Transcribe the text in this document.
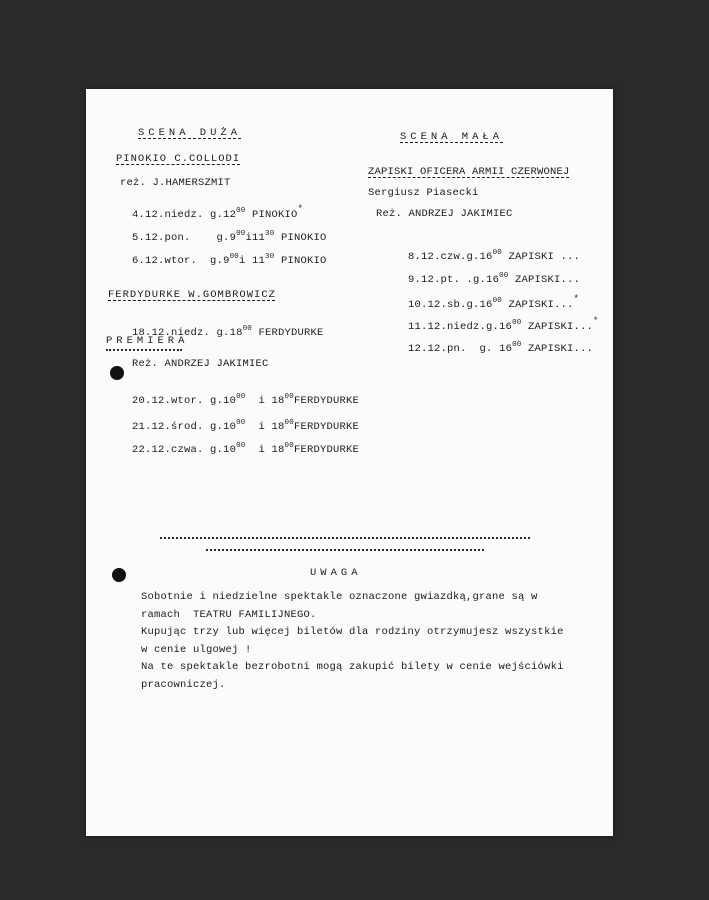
SCENA DUŻA
PINOKIO C.COLLODI
reż. J.HAMERSZMIT

4.12.niedz. $g.12^{00}$ PINOKIO*

5.12.pon. $g.9^{00}i11^{30}$ PINOKIO

6.12.wtor. $g.9^{00}i$ $11^{30}$ PINOKIO

FERDYDURKE W.GOMBROWICZ

18.12.niedz. $g.18^{00}$ FERDYDURKE

PREMIERA
Reż. ANDRZEJ JAKIMIEC

20.12.wtor. $g.10^{00}$ i $18^{00}FERDYDURKE$

21.12.środ. $g.10^{00}$ i $18^{00}FERDYDURKE$

22.12.czwa. $g.10^{00}$ i $18^{00}FERDYDURKE$

SCENA MAŁA
ZAPISKI OFICERA ARMII CZERWONEJ
Sergiusz Piasecki
Reż. ANDRZEJ JAKIMIEC

$8.12.czw.g.16^{00}$ ZAPISKI ...

9.12.pt. $.g.16^{00}$ ZAPISKI...

$10.12.sb.g.16^{00}$ ZAPISKI...*

$11.12.niedz.g.16^{00}$ ZAPISKI...*

12.12.pn. g. $16^{00}$ ZAPISKI...

UWAGA
Sobotnie i niedzielne spektakle oznaczone gwiazdką,grane są w
ramach  TEATRU FAMILIJNEGO.
Kupując trzy lub więcej biletów dla rodziny otrzymujesz wszystkie
w cenie ulgowej !
Na te spektakle bezrobotni mogą zakupić bilety w cenie wejściówki
pracowniczej.
